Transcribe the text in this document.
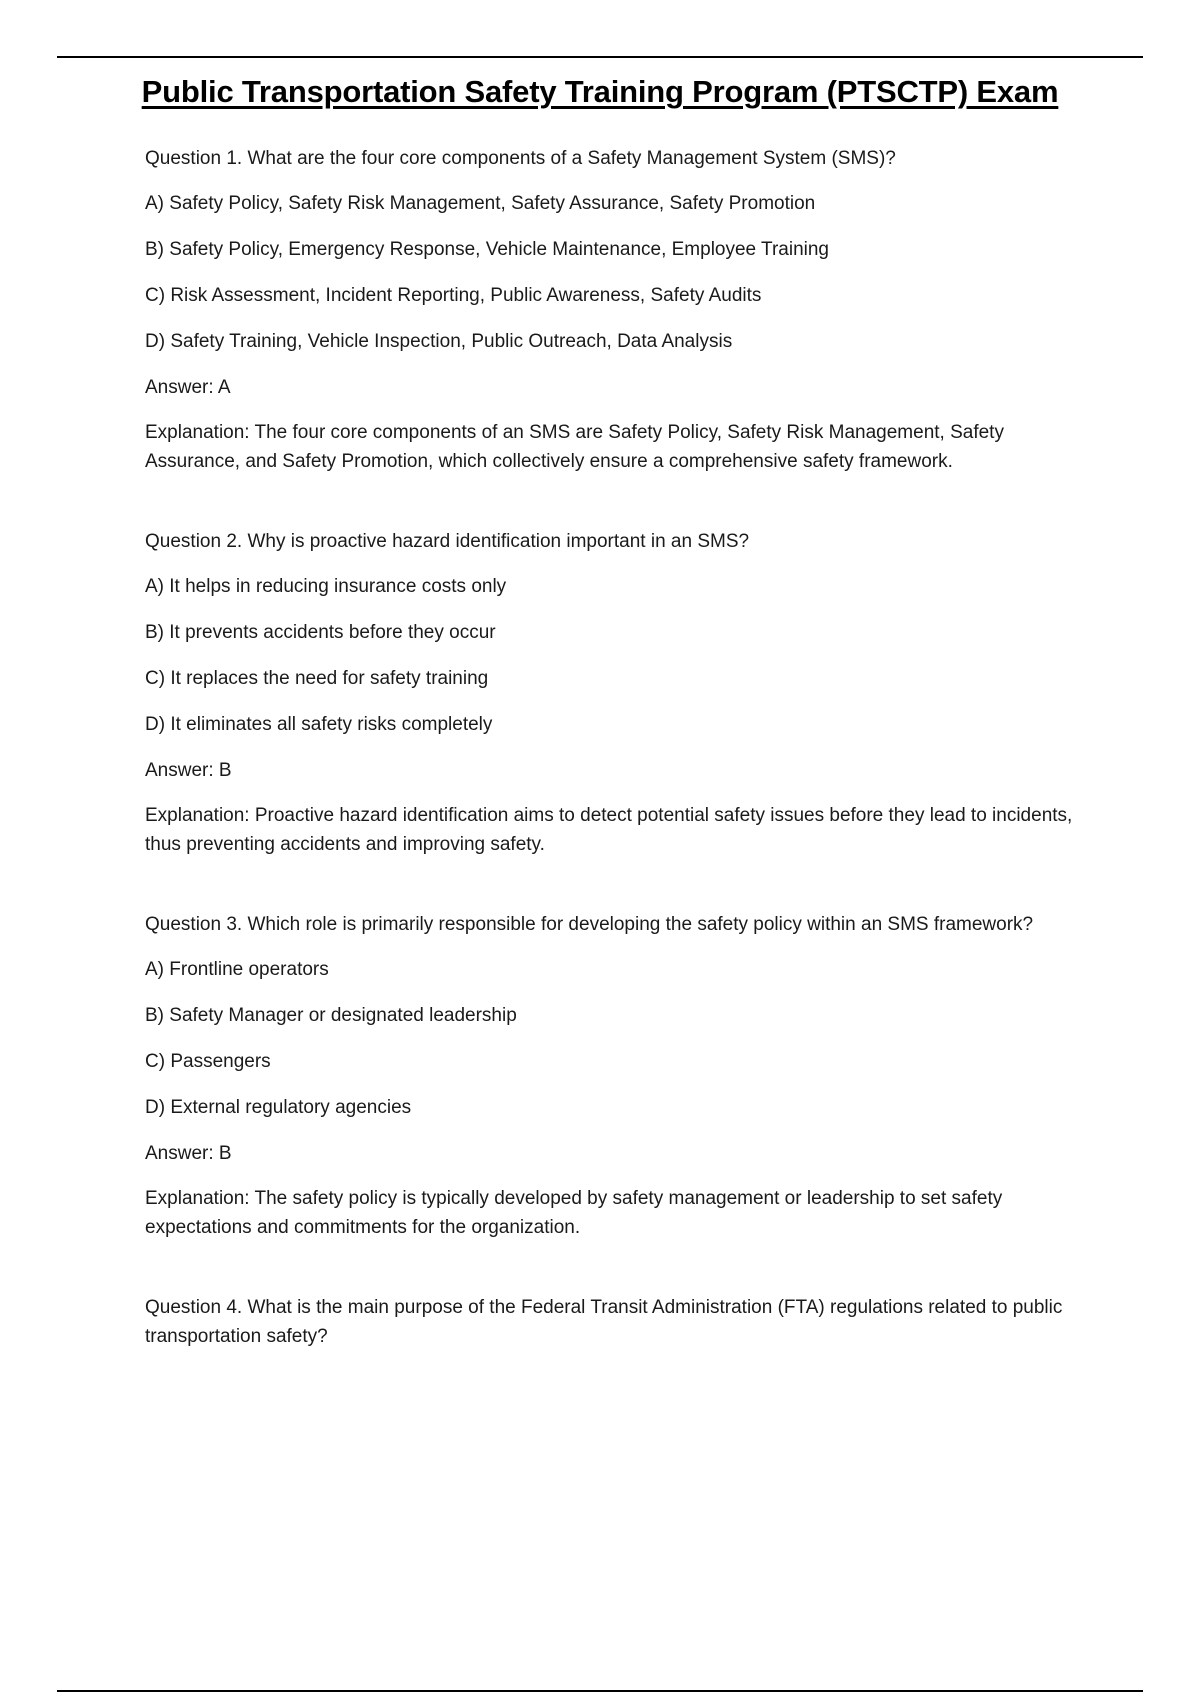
Public Transportation Safety Training Program (PTSCTP) Exam

Question 1. What are the four core components of a Safety Management System (SMS)?

A) Safety Policy, Safety Risk Management, Safety Assurance, Safety Promotion

B) Safety Policy, Emergency Response, Vehicle Maintenance, Employee Training

C) Risk Assessment, Incident Reporting, Public Awareness, Safety Audits

D) Safety Training, Vehicle Inspection, Public Outreach, Data Analysis

Answer: A

Explanation: The four core components of an SMS are Safety Policy, Safety Risk Management, Safety Assurance, and Safety Promotion, which collectively ensure a comprehensive safety framework.

Question 2. Why is proactive hazard identification important in an SMS?

A) It helps in reducing insurance costs only

B) It prevents accidents before they occur

C) It replaces the need for safety training

D) It eliminates all safety risks completely

Answer: B

Explanation: Proactive hazard identification aims to detect potential safety issues before they lead to incidents, thus preventing accidents and improving safety.

Question 3. Which role is primarily responsible for developing the safety policy within an SMS framework?

A) Frontline operators

B) Safety Manager or designated leadership

C) Passengers

D) External regulatory agencies

Answer: B

Explanation: The safety policy is typically developed by safety management or leadership to set safety expectations and commitments for the organization.

Question 4. What is the main purpose of the Federal Transit Administration (FTA) regulations related to public transportation safety?
